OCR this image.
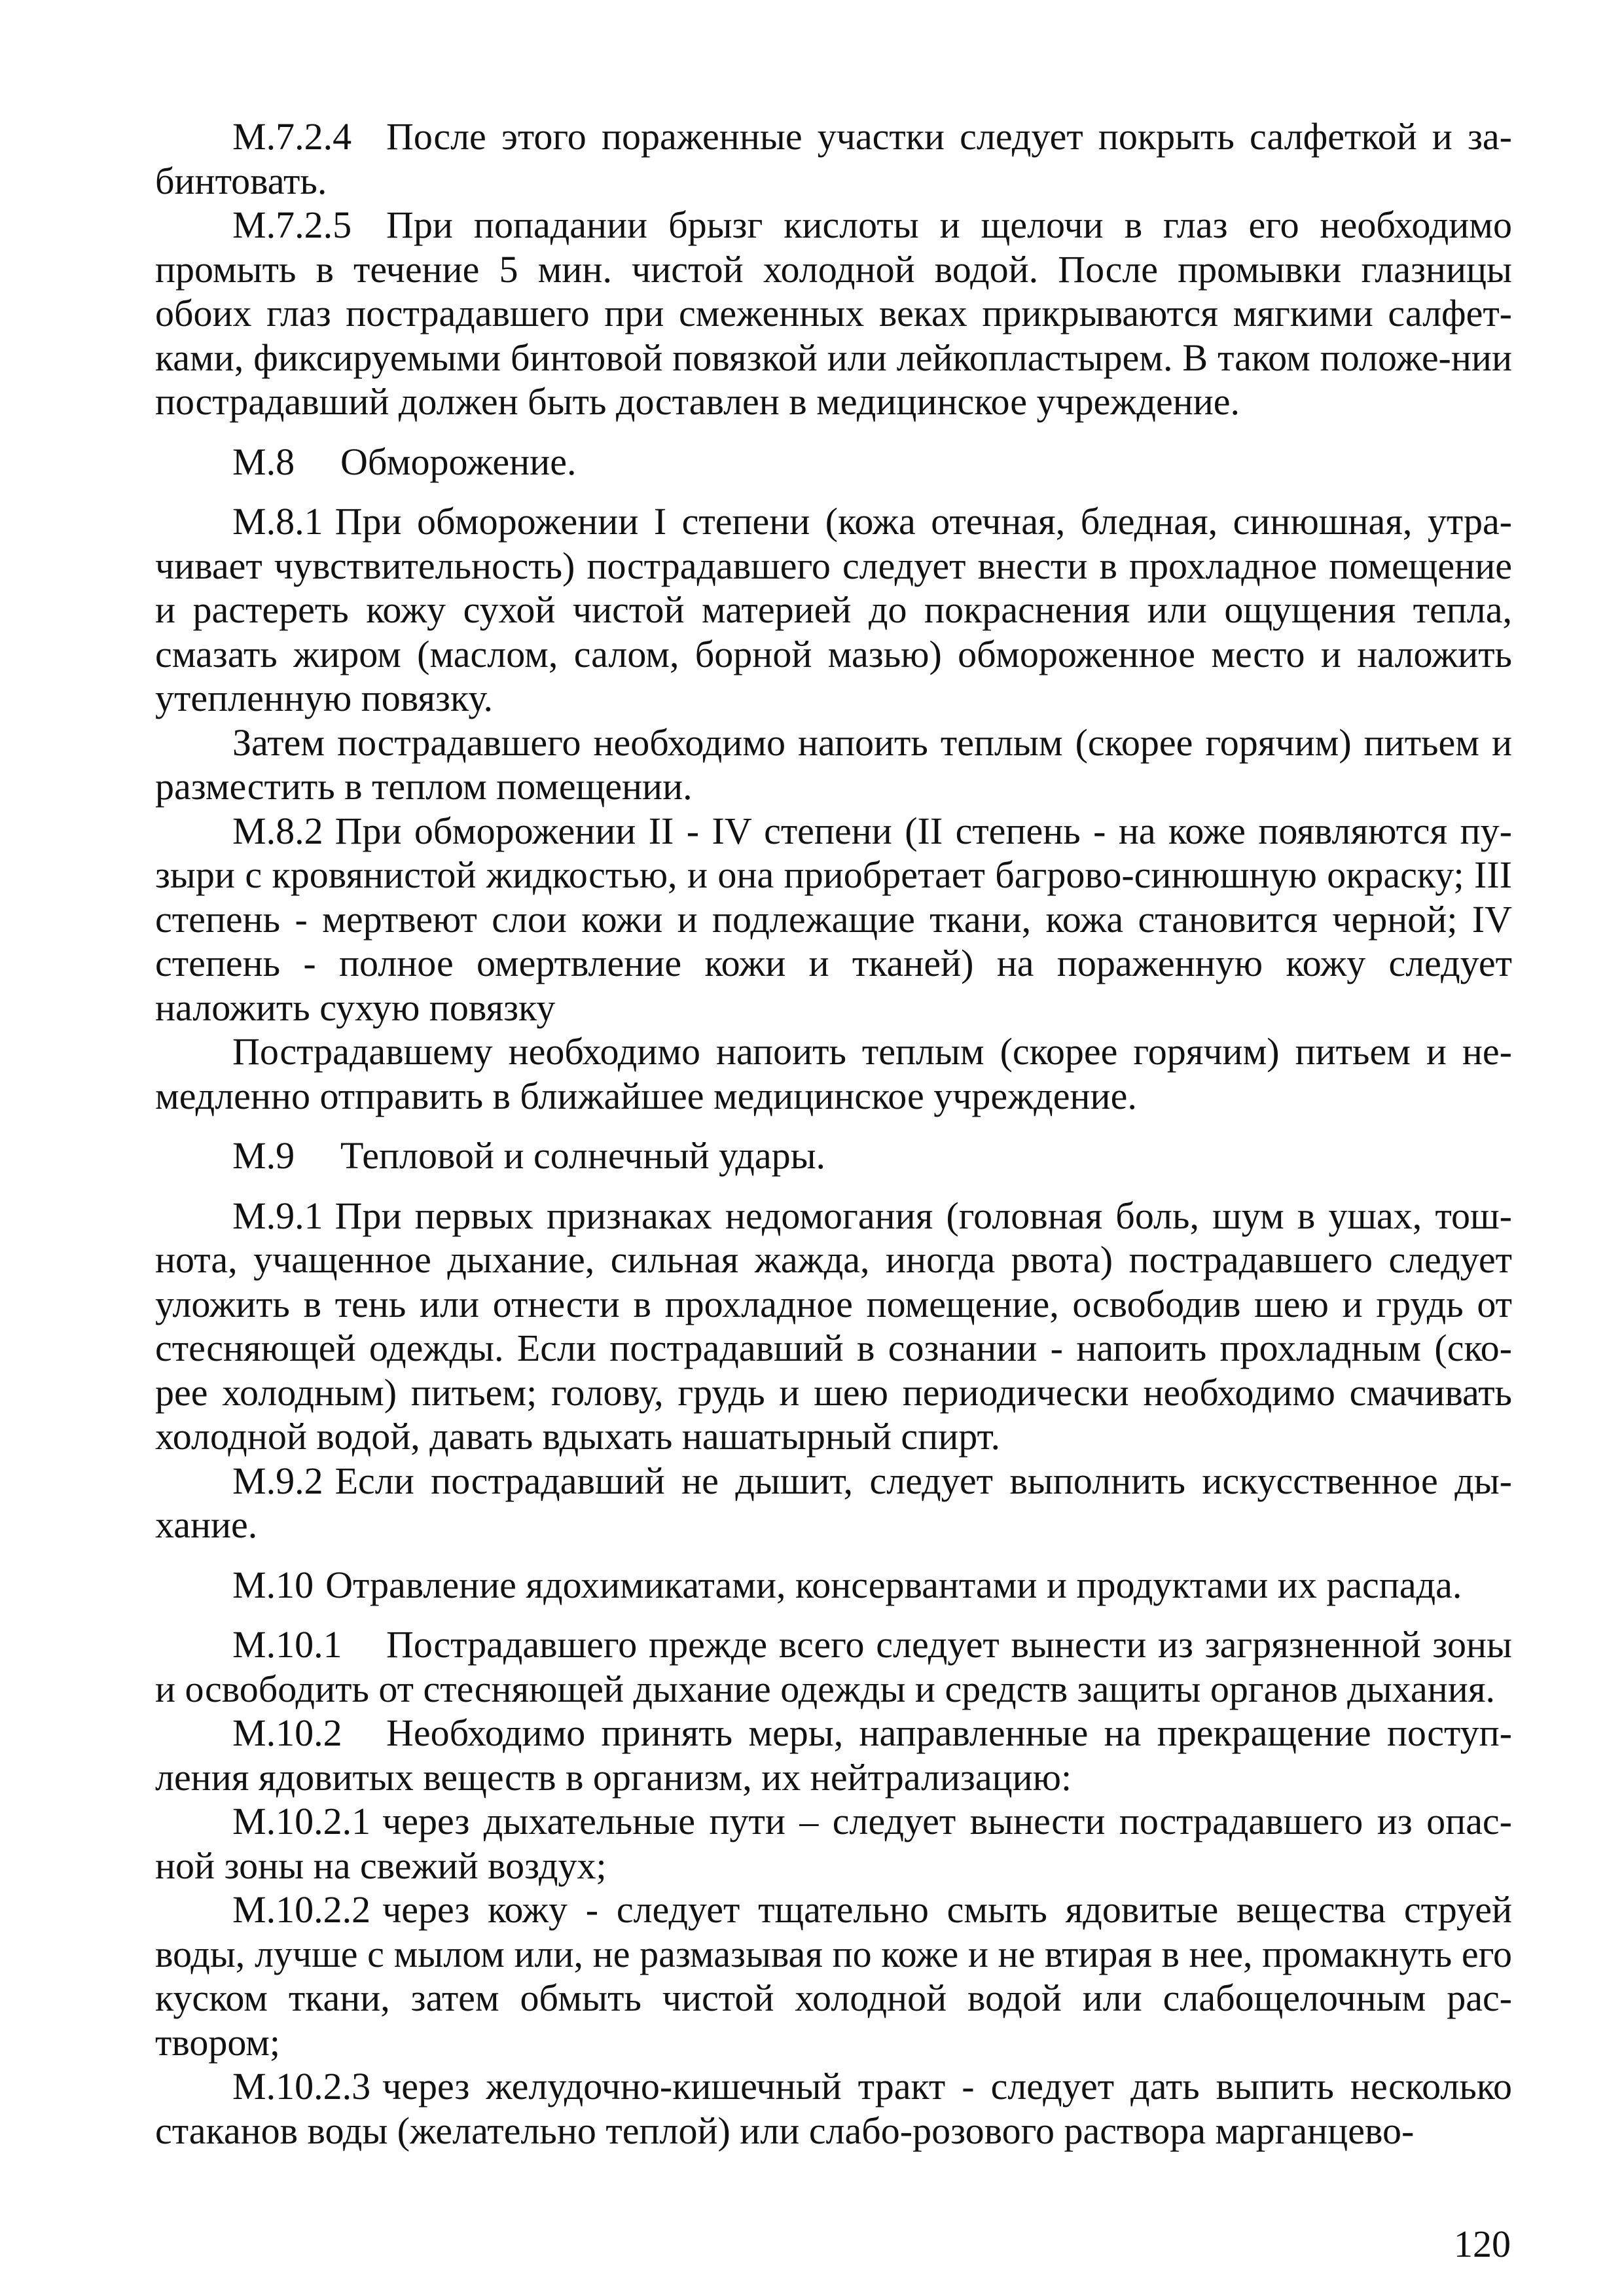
М.7.2.4 После этого пораженные участки следует покрыть салфеткой и за-бинтовать.

М.7.2.5 При попадании брызг кислоты и щелочи в глаз его необходимо промыть в течение 5 мин. чистой холодной водой. После промывки глазницы обоих глаз пострадавшего при смеженных веках прикрываются мягкими салфет-ками, фиксируемыми бинтовой повязкой или лейкопластырем. В таком положе-нии пострадавший должен быть доставлен в медицинское учреждение.

М.8 Обморожение.

М.8.1 При обморожении I степени (кожа отечная, бледная, синюшная, утра-чивает чувствительность) пострадавшего следует внести в прохладное помещение и растереть кожу сухой чистой материей до покраснения или ощущения тепла, смазать жиром (маслом, салом, борной мазью) обмороженное место и наложить утепленную повязку.

Затем пострадавшего необходимо напоить теплым (скорее горячим) питьем и разместить в теплом помещении.

М.8.2 При обморожении II - IV степени (II степень - на коже появляются пу-зыри с кровянистой жидкостью, и она приобретает багрово-синюшную окраску; III степень - мертвеют слои кожи и подлежащие ткани, кожа становится черной; IV степень - полное омертвление кожи и тканей) на пораженную кожу следует наложить сухую повязку

Пострадавшему необходимо напоить теплым (скорее горячим) питьем и не-медленно отправить в ближайшее медицинское учреждение.

М.9 Тепловой и солнечный удары.

М.9.1 При первых признаках недомогания (головная боль, шум в ушах, тош-нота, учащенное дыхание, сильная жажда, иногда рвота) пострадавшего следует уложить в тень или отнести в прохладное помещение, освободив шею и грудь от стесняющей одежды. Если пострадавший в сознании - напоить прохладным (ско-рее холодным) питьем; голову, грудь и шею периодически необходимо смачивать холодной водой, давать вдыхать нашатырный спирт.

М.9.2 Если пострадавший не дышит, следует выполнить искусственное ды-хание.

М.10 Отравление ядохимикатами, консервантами и продуктами их распада.

М.10.1 Пострадавшего прежде всего следует вынести из загрязненной зоны и освободить от стесняющей дыхание одежды и средств защиты органов дыхания.

М.10.2 Необходимо принять меры, направленные на прекращение поступ-ления ядовитых веществ в организм, их нейтрализацию:

М.10.2.1 через дыхательные пути – следует вынести пострадавшего из опас-ной зоны на свежий воздух;

М.10.2.2 через кожу - следует тщательно смыть ядовитые вещества струей воды, лучше с мылом или, не размазывая по коже и не втирая в нее, промакнуть его куском ткани, затем обмыть чистой холодной водой или слабощелочным рас-твором;

М.10.2.3 через желудочно-кишечный тракт - следует дать выпить несколько стаканов воды (желательно теплой) или слабо-розового раствора марганцево-

120
